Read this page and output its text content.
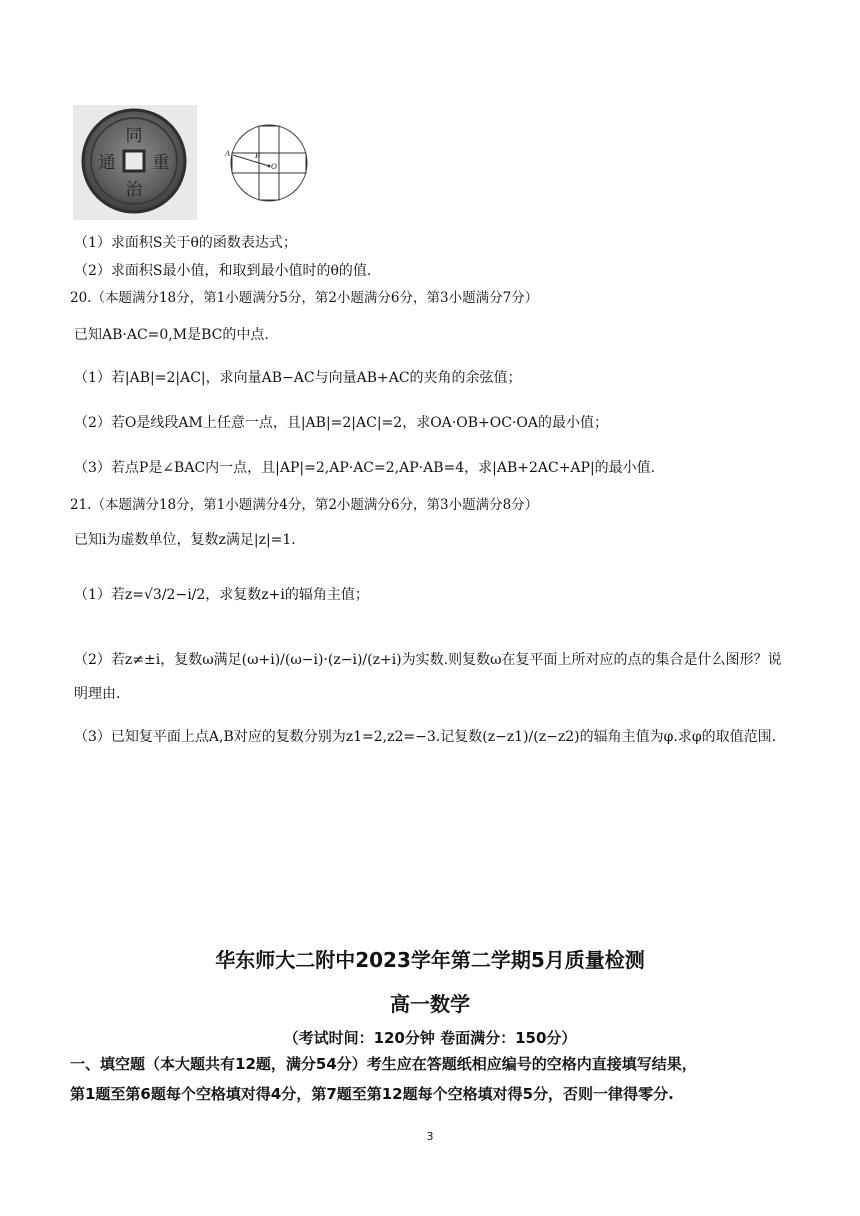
同
重
治
通	A	B
O
（1）求面积S关于θ的函数表达式；
（2）求面积S最小值，和取到最小值时的θ的值.
20.（本题满分18分，第1小题满分5分，第2小题满分6分，第3小题满分7分）
已知AB·AC=0,M是BC的中点.
（1）若|AB|=2|AC|，求向量AB−AC与向量AB+AC的夹角的余弦值；
（2）若O是线段AM上任意一点，且|AB|=2|AC|=2，求OA·OB+OC·OA的最小值；
（3）若点P是∠BAC内一点，且|AP|=2,AP·AC=2,AP·AB=4，求|AB+2AC+AP|的最小值.
21.（本题满分18分，第1小题满分4分，第2小题满分6分，第3小题满分8分）
已知i为虚数单位，复数z满足|z|=1.
（1）若z=√3/2−i/2，求复数z+i的辐角主值；
（2）若z≠±i，复数ω满足(ω+i)/(ω−i)·(z−i)/(z+i)为实数.则复数ω在复平面上所对应的点的集合是什么图形？说明理由.
（3）已知复平面上点A,B对应的复数分别为z1=2,z2=−3.记复数(z−z1)/(z−z2)的辐角主值为φ.求φ的取值范围.
华东师大二附中2023学年第二学期5月质量检测
高一数学
（考试时间：120分钟 卷面满分：150分）
一、填空题（本大题共有12题，满分54分）考生应在答题纸相应编号的空格内直接填写结果，
第1题至第6题每个空格填对得4分，第7题至第12题每个空格填对得5分，否则一律得零分.
3
